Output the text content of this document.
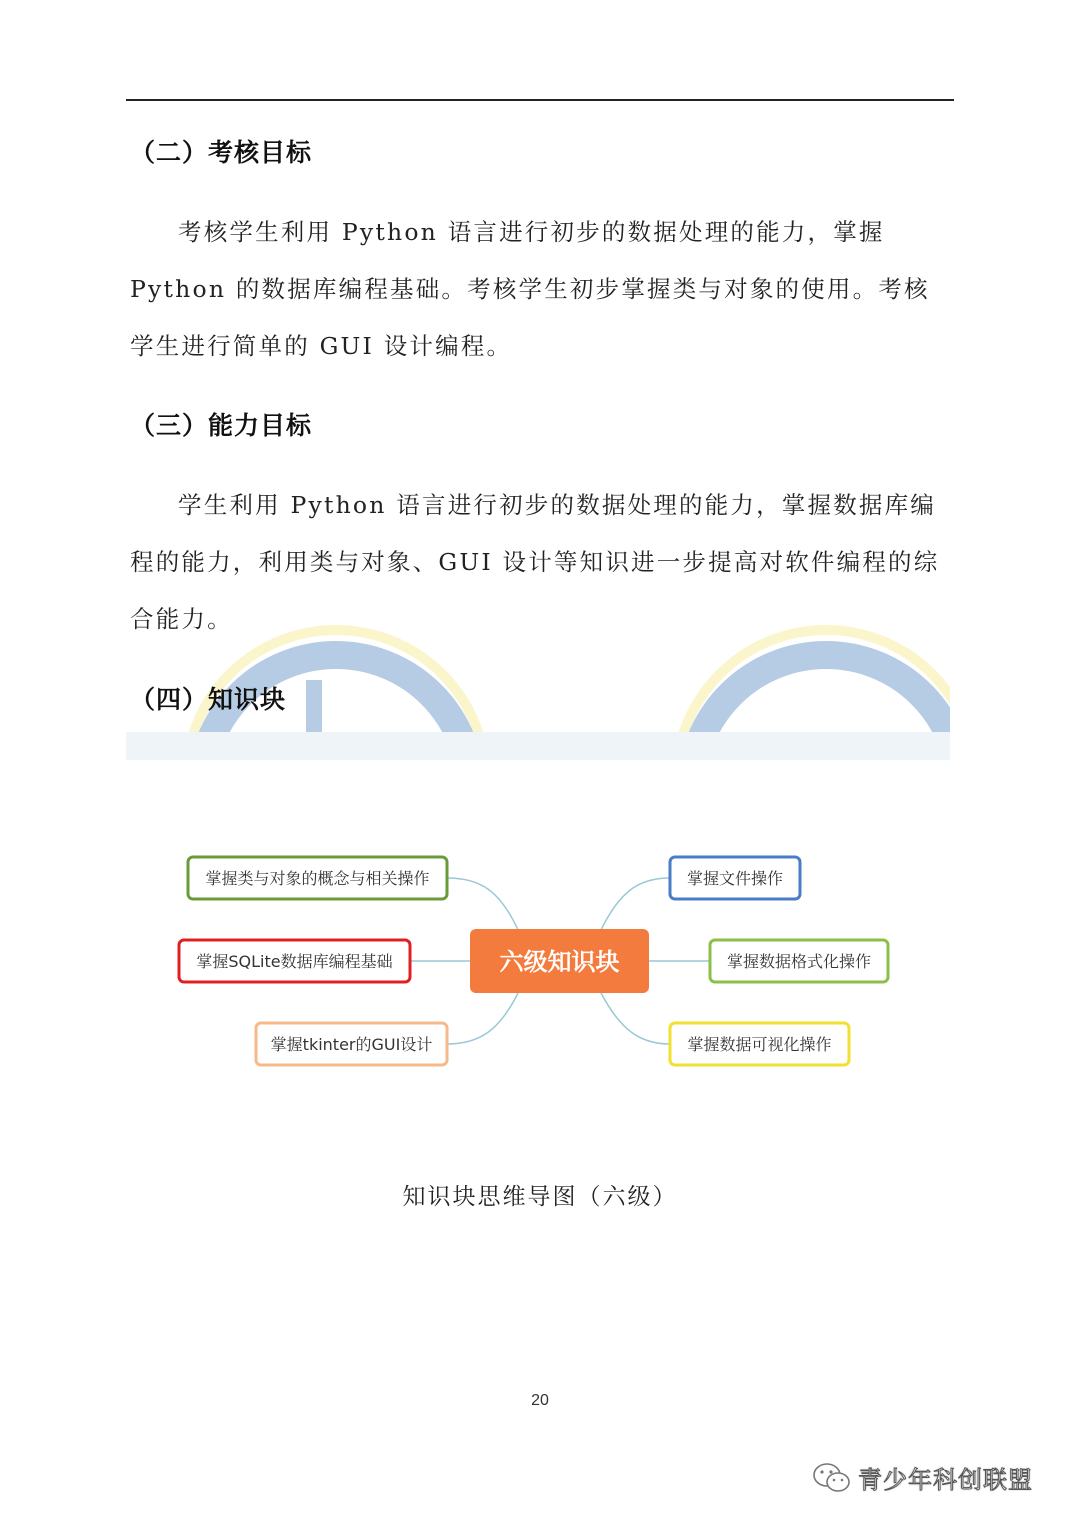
（二）考核目标

考核学生利用 Python 语言进行初步的数据处理的能力，掌握 Python 的数据库编程基础。考核学生初步掌握类与对象的使用。考核学生进行简单的 GUI 设计编程。

（三）能力目标

学生利用 Python 语言进行初步的数据处理的能力，掌握数据库编程的能力，利用类与对象、GUI 设计等知识进一步提高对软件编程的综合能力。

（四）知识块
六级知识块
掌握类与对象的概念与相关操作
掌握SQLite数据库编程基础
掌握tkinter的GUI设计
掌握文件操作
掌握数据格式化操作
掌握数据可视化操作

知识块思维导图（六级）

20

青少年科创联盟
